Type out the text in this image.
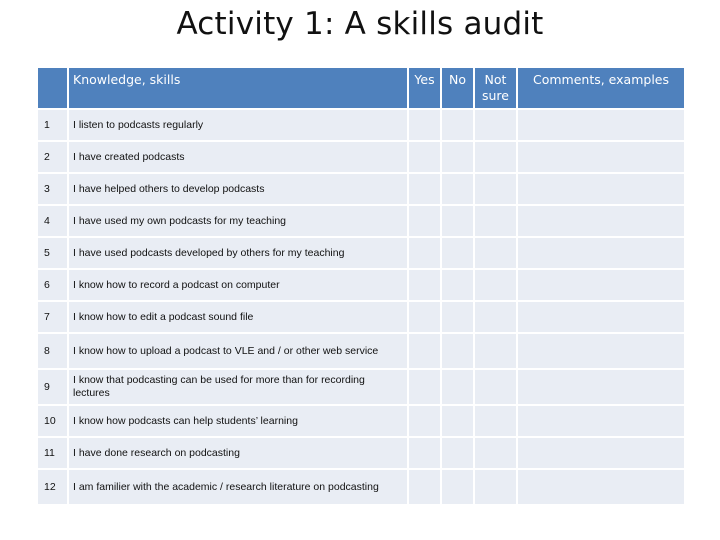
Activity 1: A skills audit
	Knowledge, skills	Yes	No	Not sure	Comments, examples
1	I listen to podcasts regularly				
2	I have created podcasts				
3	I have helped others to develop podcasts				
4	I have used my own podcasts for my teaching				
5	I have used podcasts developed by others for my teaching				
6	I know how to record a podcast on computer				
7	I know how to edit a podcast sound file				
8	I know how to upload a podcast to VLE and / or other web service				
9	I know that podcasting can be used for more than for recording lectures				
10	I know how podcasts can help students’ learning				
11	I have done research on podcasting				
12	I am familier with the academic / research literature on podcasting				
